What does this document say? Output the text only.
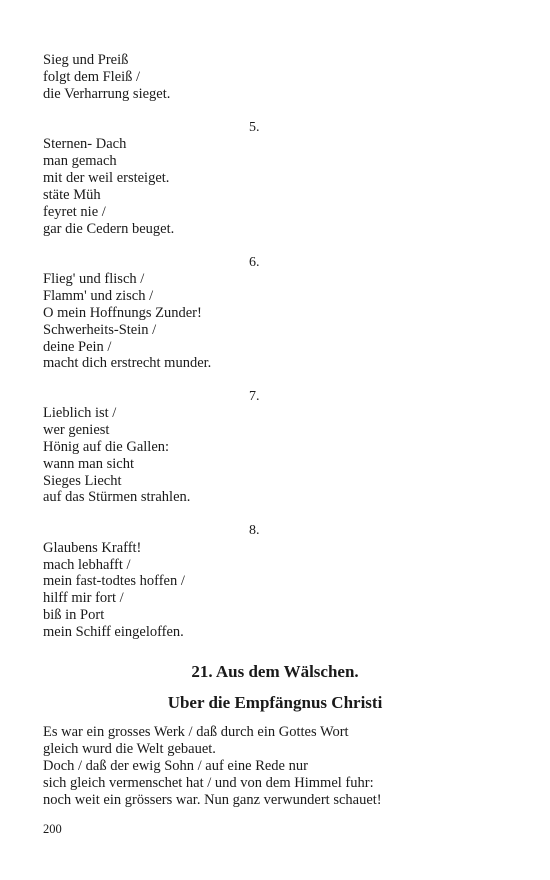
Sieg und Preiß
folgt dem Fleiß /
die Verharrung sieget.
5.
Sternen- Dach
man gemach
mit der weil ersteiget.
stäte Müh
feyret nie /
gar die Cedern beuget.
6.
Flieg' und flisch /
Flamm' und zisch /
O mein Hoffnungs Zunder!
Schwerheits-Stein /
deine Pein /
macht dich erstrecht munder.
7.
Lieblich ist /
wer geniest
Hönig auf die Gallen:
wann man sicht
Sieges Liecht
auf das Stürmen strahlen.
8.
Glaubens Krafft!
mach lebhafft /
mein fast-todtes hoffen /
hilff mir fort /
biß in Port
mein Schiff eingeloffen.
21. Aus dem Wälschen.
Uber die Empfängnus Christi
Es war ein grosses Werk / daß durch ein Gottes Wort
gleich wurd die Welt gebauet.
Doch / daß der ewig Sohn / auf eine Rede nur
sich gleich vermenschet hat / und von dem Himmel fuhr:
noch weit ein grössers war. Nun ganz verwundert schauet!
200
